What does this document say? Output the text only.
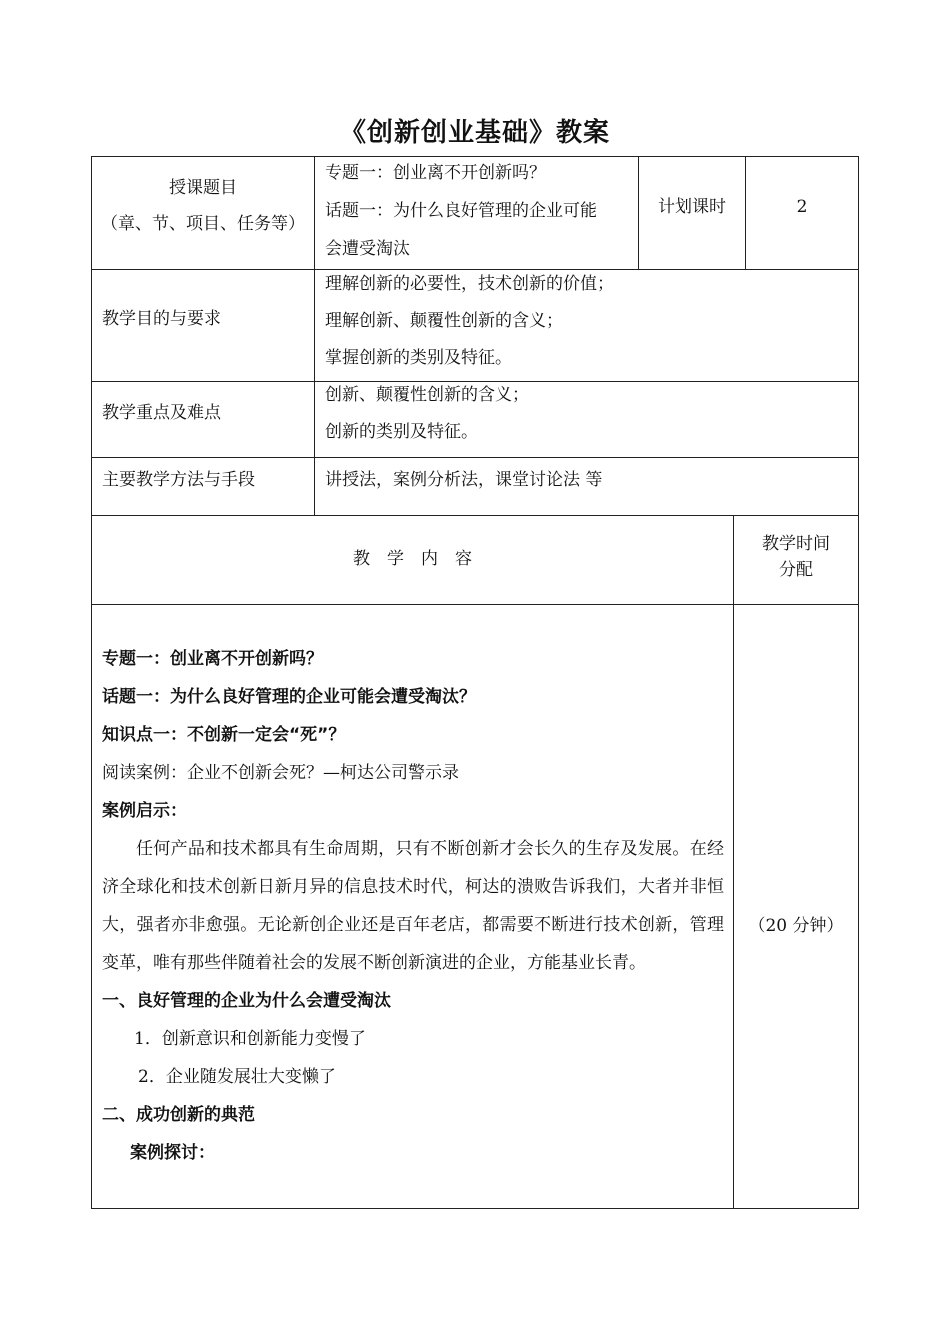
《创新创业基础》教案

授课题目

（章、节、项目、任务等）

专题一：创业离不开创新吗？

话题一：为什么良好管理的企业可能

会遭受淘汰

计划课时	2
教学目的与要求

理解创新的必要性，技术创新的价值；

理解创新、颠覆性创新的含义；

掌握创新的类别及特征。

教学重点及难点

创新、颠覆性创新的含义；

创新的类别及特征。

主要教学方法与手段	讲授法，案例分析法，课堂讨论法 等
教　学　内　容

教学时间

分配

专题一：创业离不开创新吗？

话题一：为什么良好管理的企业可能会遭受淘汰？

知识点一：不创新一定会“死”？

阅读案例：企业不创新会死？—柯达公司警示录

案例启示：

任何产品和技术都具有生命周期，只有不断创新才会长久的生存及发展。在经济全球化和技术创新日新月异的信息技术时代，柯达的溃败告诉我们，大者并非恒大，强者亦非愈强。无论新创企业还是百年老店，都需要不断进行技术创新，管理变革，唯有那些伴随着社会的发展不断创新演进的企业，方能基业长青。

一、良好管理的企业为什么会遭受淘汰

1．创新意识和创新能力变慢了

2．企业随发展壮大变懒了

二、成功创新的典范

案例探讨：

（20 分钟）
